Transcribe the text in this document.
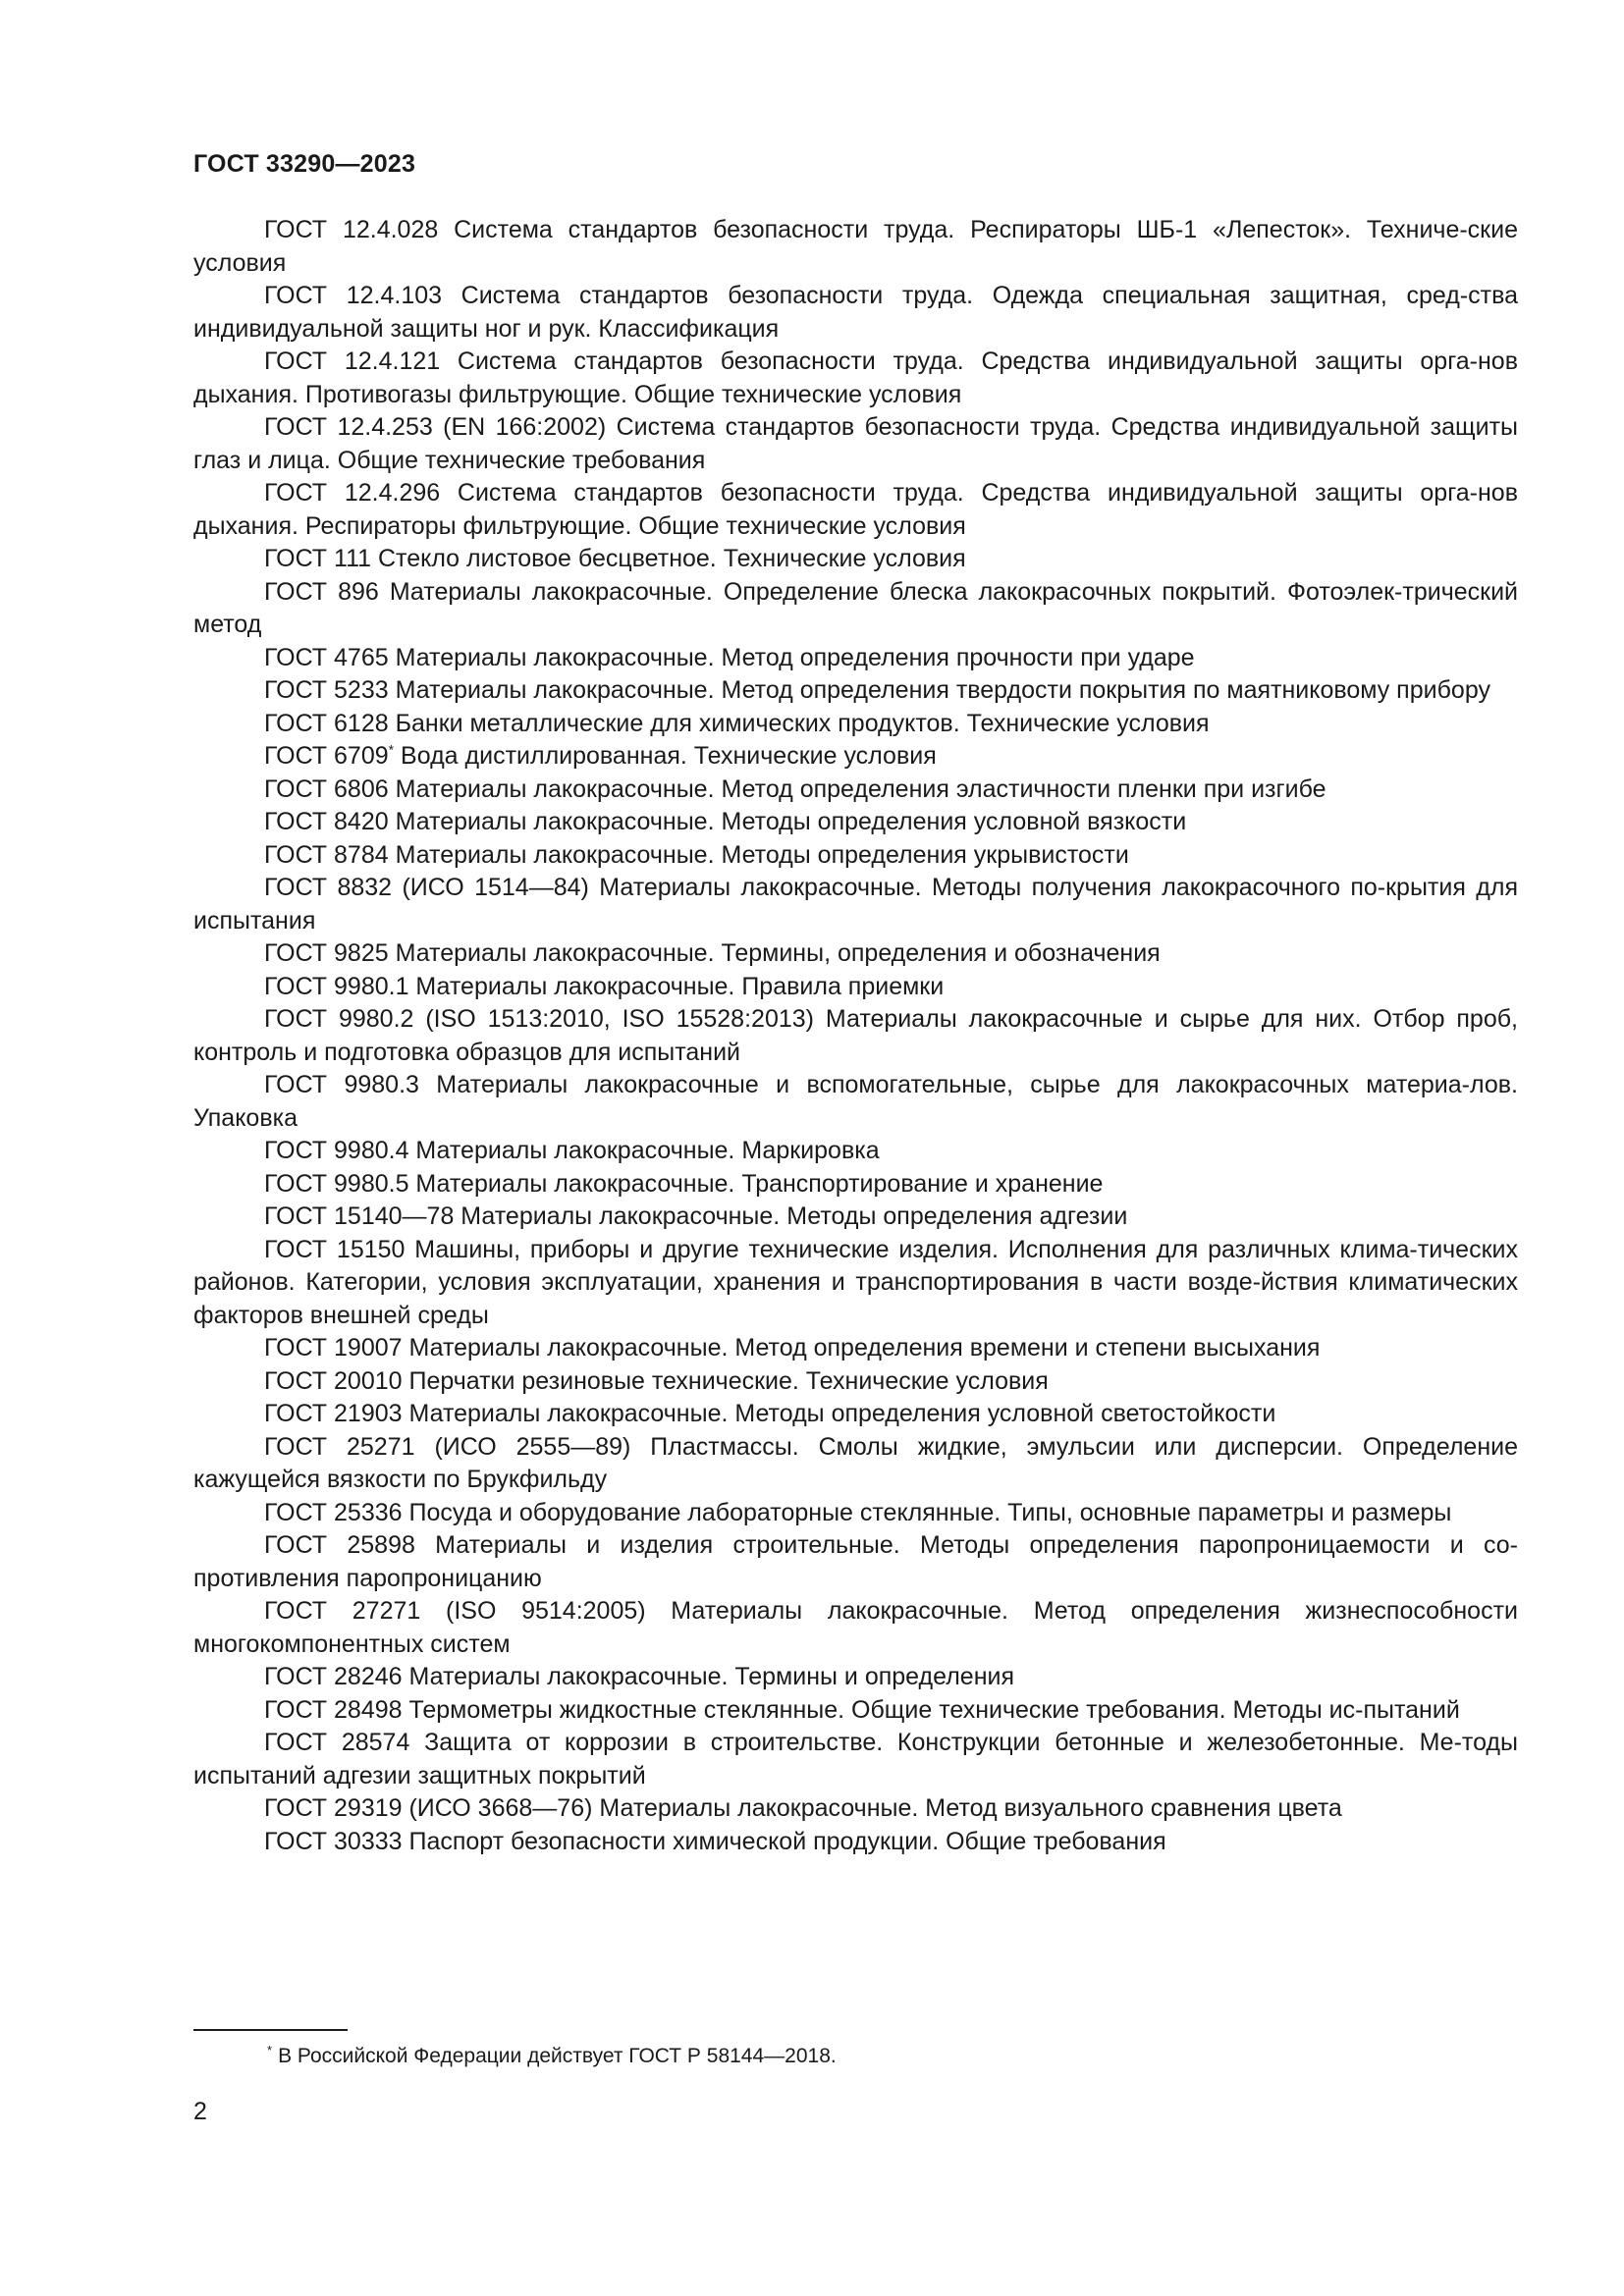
ГОСТ 33290—2023

ГОСТ 12.4.028 Система стандартов безопасности труда. Респираторы ШБ-1 «Лепесток». Техниче-ские условия

ГОСТ 12.4.103 Система стандартов безопасности труда. Одежда специальная защитная, сред-ства индивидуальной защиты ног и рук. Классификация

ГОСТ 12.4.121 Система стандартов безопасности труда. Средства индивидуальной защиты орга-нов дыхания. Противогазы фильтрующие. Общие технические условия

ГОСТ 12.4.253 (EN 166:2002) Система стандартов безопасности труда. Средства индивидуальной защиты глаз и лица. Общие технические требования

ГОСТ 12.4.296 Система стандартов безопасности труда. Средства индивидуальной защиты орга-нов дыхания. Респираторы фильтрующие. Общие технические условия

ГОСТ 111 Стекло листовое бесцветное. Технические условия

ГОСТ 896 Материалы лакокрасочные. Определение блеска лакокрасочных покрытий. Фотоэлек-трический метод

ГОСТ 4765 Материалы лакокрасочные. Метод определения прочности при ударе

ГОСТ 5233 Материалы лакокрасочные. Метод определения твердости покрытия по маятниковому прибору

ГОСТ 6128 Банки металлические для химических продуктов. Технические условия

ГОСТ 6709* Вода дистиллированная. Технические условия

ГОСТ 6806 Материалы лакокрасочные. Метод определения эластичности пленки при изгибе

ГОСТ 8420 Материалы лакокрасочные. Методы определения условной вязкости

ГОСТ 8784 Материалы лакокрасочные. Методы определения укрывистости

ГОСТ 8832 (ИСО 1514—84) Материалы лакокрасочные. Методы получения лакокрасочного по-крытия для испытания

ГОСТ 9825 Материалы лакокрасочные. Термины, определения и обозначения

ГОСТ 9980.1 Материалы лакокрасочные. Правила приемки

ГОСТ 9980.2 (ISO 1513:2010, ISO 15528:2013) Материалы лакокрасочные и сырье для них. Отбор проб, контроль и подготовка образцов для испытаний

ГОСТ 9980.3 Материалы лакокрасочные и вспомогательные, сырье для лакокрасочных материа-лов. Упаковка

ГОСТ 9980.4 Материалы лакокрасочные. Маркировка

ГОСТ 9980.5 Материалы лакокрасочные. Транспортирование и хранение

ГОСТ 15140—78 Материалы лакокрасочные. Методы определения адгезии

ГОСТ 15150 Машины, приборы и другие технические изделия. Исполнения для различных клима-тических районов. Категории, условия эксплуатации, хранения и транспортирования в части возде-йствия климатических факторов внешней среды

ГОСТ 19007 Материалы лакокрасочные. Метод определения времени и степени высыхания

ГОСТ 20010 Перчатки резиновые технические. Технические условия

ГОСТ 21903 Материалы лакокрасочные. Методы определения условной светостойкости

ГОСТ 25271 (ИСО 2555—89) Пластмассы. Смолы жидкие, эмульсии или дисперсии. Определение кажущейся вязкости по Брукфильду

ГОСТ 25336 Посуда и оборудование лабораторные стеклянные. Типы, основные параметры и размеры

ГОСТ 25898 Материалы и изделия строительные. Методы определения паропроницаемости и со-противления паропроницанию

ГОСТ 27271 (ISO 9514:2005) Материалы лакокрасочные. Метод определения жизнеспособности многокомпонентных систем

ГОСТ 28246 Материалы лакокрасочные. Термины и определения

ГОСТ 28498 Термометры жидкостные стеклянные. Общие технические требования. Методы ис-пытаний

ГОСТ 28574 Защита от коррозии в строительстве. Конструкции бетонные и железобетонные. Ме-тоды испытаний адгезии защитных покрытий

ГОСТ 29319 (ИСО 3668—76) Материалы лакокрасочные. Метод визуального сравнения цвета

ГОСТ 30333 Паспорт безопасности химической продукции. Общие требования

* В Российской Федерации действует ГОСТ Р 58144—2018.
2
